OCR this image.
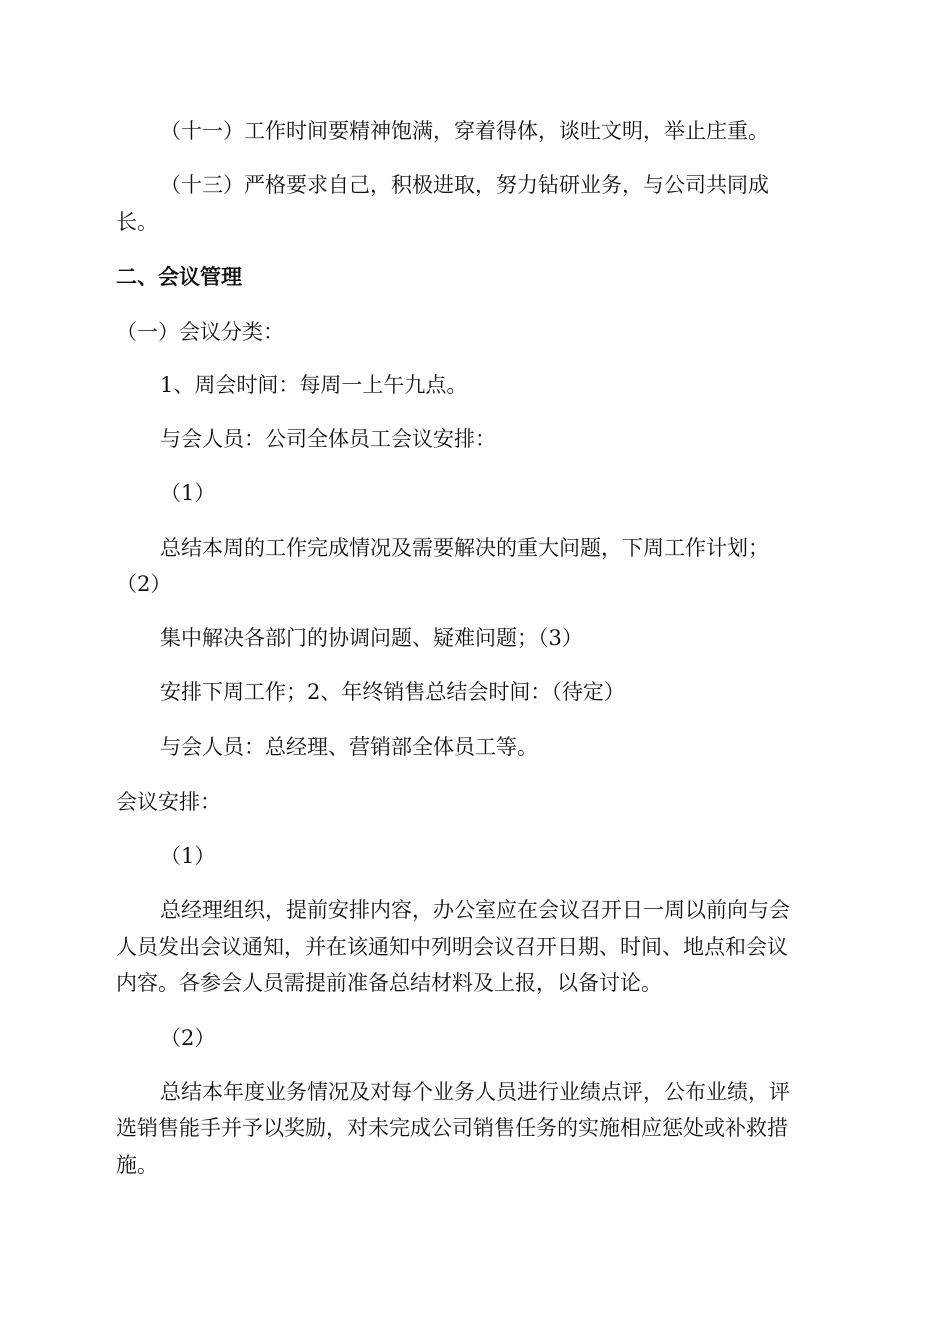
（十一）工作时间要精神饱满，穿着得体，谈吐文明，举止庄重。
（十三）严格要求自己，积极进取，努力钻研业务，与公司共同成
长。
二、会议管理
（一）会议分类：
1、周会时间：每周一上午九点。
与会人员：公司全体员工会议安排：
（1）
总结本周的工作完成情况及需要解决的重大问题，下周工作计划；
（2）
集中解决各部门的协调问题、疑难问题；（3）
安排下周工作；2、年终销售总结会时间：（待定）
与会人员：总经理、营销部全体员工等。
会议安排：
（1）
总经理组织，提前安排内容，办公室应在会议召开日一周以前向与会
人员发出会议通知，并在该通知中列明会议召开日期、时间、地点和会议
内容。各参会人员需提前准备总结材料及上报，以备讨论。
（2）
总结本年度业务情况及对每个业务人员进行业绩点评，公布业绩，评
选销售能手并予以奖励，对未完成公司销售任务的实施相应惩处或补救措
施。
